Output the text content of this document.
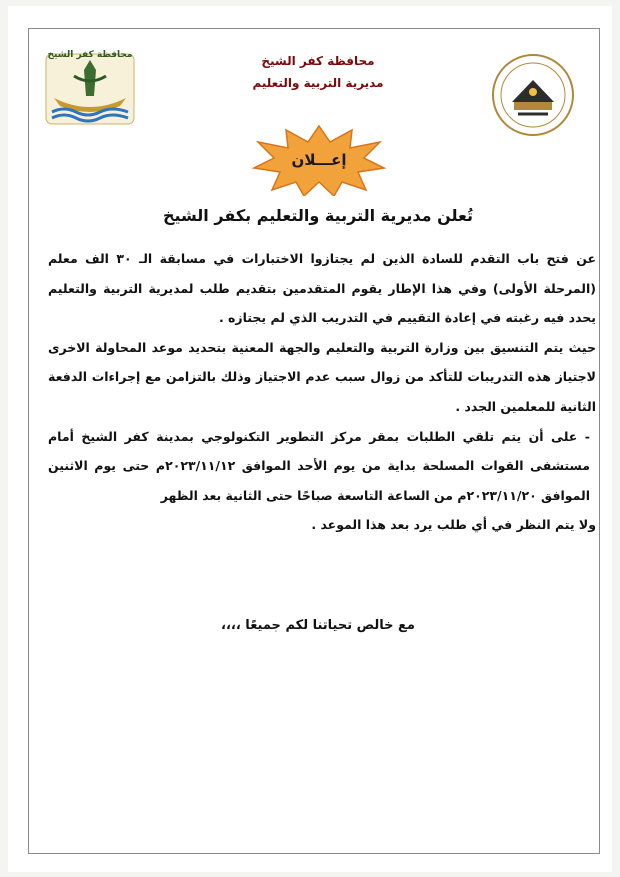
محافظة كفر الشيخ	محافظة كفر الشيخ
مديرية التربية والتعليم
إعـــلان
تُعلن مديرية التربية والتعليم بكفر الشيخ

عن فتح باب التقدم للسادة الذين لم يجتازوا الاختبارات في مسابقة الـ ٣٠ الف معلم (المرحلة الأولى) وفي هذا الإطار يقوم المتقدمين بتقديم طلب لمديرية التربية والتعليم يحدد فيه رغبته في إعادة التقييم في التدريب الذي لم يجتازه .

حيث يتم التنسيق بين وزارة التربية والتعليم والجهة المعنية بتحديد موعد المحاولة الاخرى لاجتياز هذه التدريبات للتأكد من زوال سبب عدم الاجتياز وذلك بالتزامن مع إجراءات الدفعة الثانية للمعلمين الجدد .

- على أن يتم تلقي الطلبات بمقر مركز التطوير التكنولوجي بمدينة كفر الشيخ أمام مستشفى القوات المسلحة بداية من يوم الأحد الموافق ٢٠٢٣/١١/١٢م حتى يوم الاثنين الموافق ٢٠٢٣/١١/٢٠م من الساعة التاسعة صباحًا حتى الثانية بعد الظهر

ولا يتم النظر في أي طلب يرد بعد هذا الموعد .

مع خالص تحياتنا لكم جميعًا ،،،،
